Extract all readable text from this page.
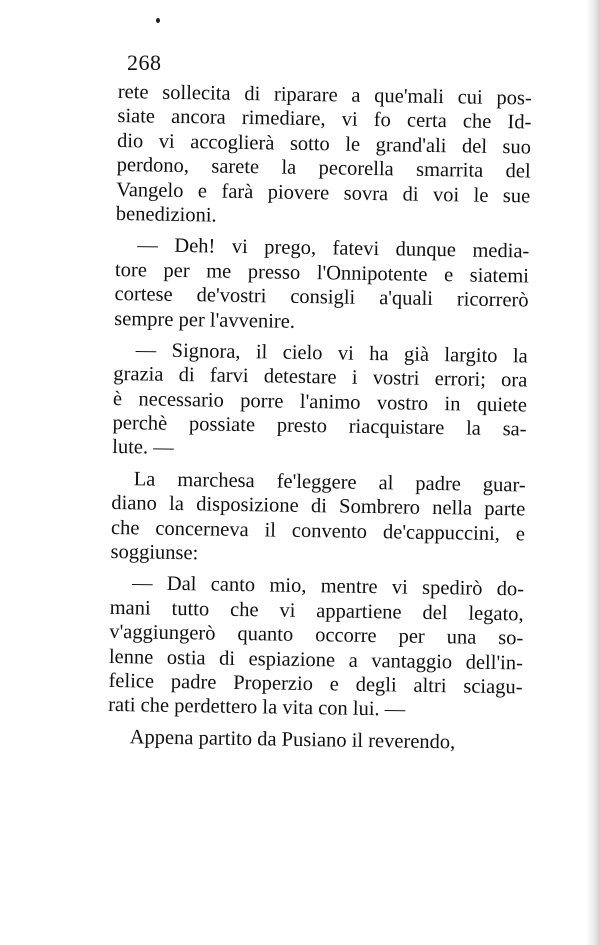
268
rete sollecita di riparare a que'mali cui pos-
siate ancora rimediare, vi fo certa che Id-
dio vi accoglierà sotto le grand'ali del suo
perdono, sarete la pecorella smarrita del
Vangelo e farà piovere sovra di voi le sue
benedizioni.
— Deh! vi prego, fatevi dunque media-
tore per me presso l'Onnipotente e siatemi
cortese de'vostri consigli a'quali ricorrerò
sempre per l'avvenire.
— Signora, il cielo vi ha già largito la
grazia di farvi detestare i vostri errori; ora
è necessario porre l'animo vostro in quiete
perchè possiate presto riacquistare la sa-
lute. —
La marchesa fe'leggere al padre guar-
diano la disposizione di Sombrero nella parte
che concerneva il convento de'cappuccini, e
soggiunse:
— Dal canto mio, mentre vi spedirò do-
mani tutto che vi appartiene del legato,
v'aggiungerò quanto occorre per una so-
lenne ostia di espiazione a vantaggio dell'in-
felice padre Properzio e degli altri sciagu-
rati che perdettero la vita con lui. —
Appena partito da Pusiano il reverendo,
